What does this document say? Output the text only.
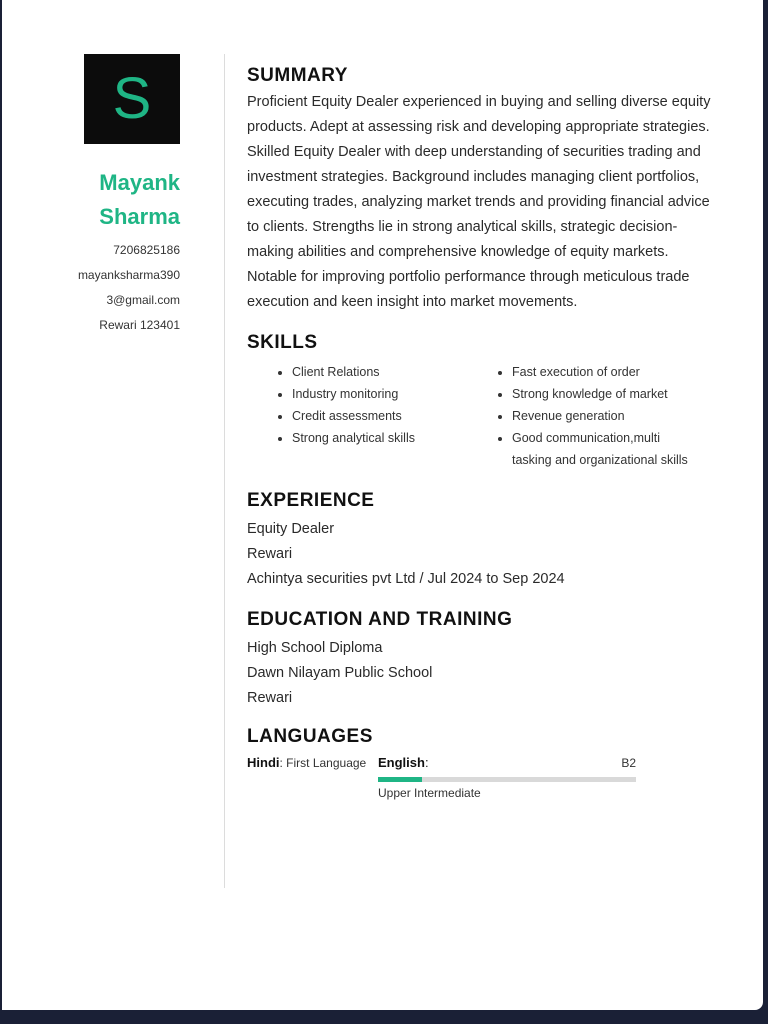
S
Mayank
Sharma
7206825186
mayanksharma390
3@gmail.com
Rewari 123401
SUMMARY

Proficient Equity Dealer experienced in buying and selling diverse equity products. Adept at assessing risk and developing appropriate strategies.

Skilled Equity Dealer with deep understanding of securities trading and investment strategies. Background includes managing client portfolios, executing trades, analyzing market trends and providing financial advice to clients. Strengths lie in strong analytical skills, strategic decision-making abilities and comprehensive knowledge of equity markets. Notable for improving portfolio performance through meticulous trade execution and keen insight into market movements.

SKILLS
• Client Relations
• Industry monitoring
• Credit assessments
• Strong analytical skills
• Fast execution of order
• Strong knowledge of market
• Revenue generation
• Good communication,multi tasking and organizational skills
EXPERIENCE
Equity Dealer
Rewari
Achintya securities pvt Ltd / Jul 2024 to Sep 2024
EDUCATION AND TRAINING
High School Diploma
Dawn Nilayam Public School
Rewari
LANGUAGES
Hindi: First Language English:	B2
Upper Intermediate
